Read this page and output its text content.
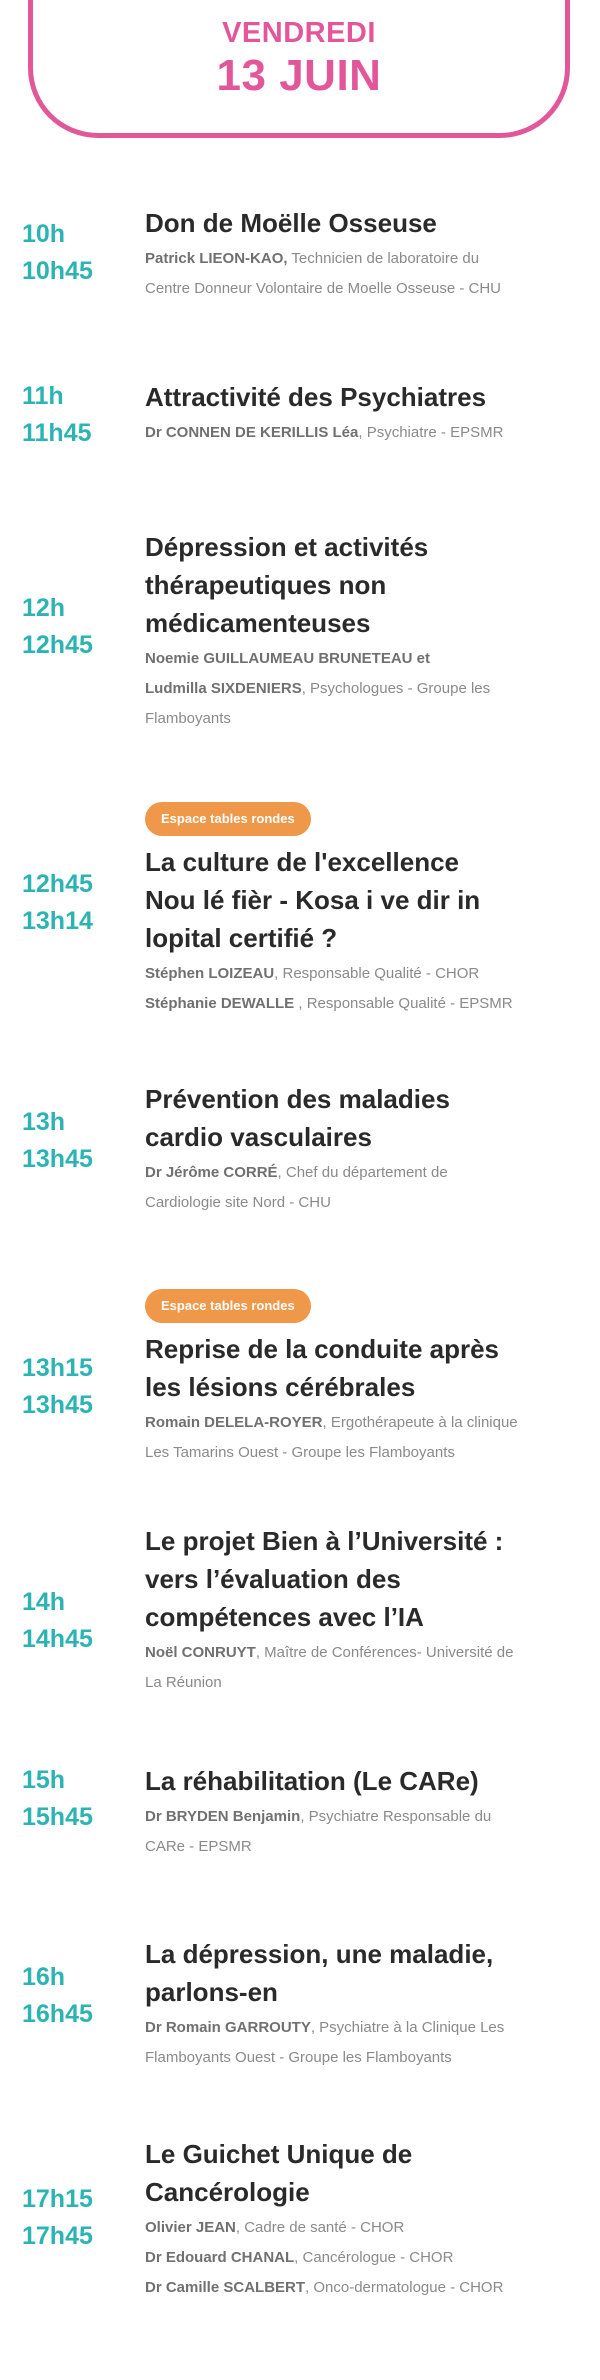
VENDREDI
13 JUIN
10h
10h45
Don de Moëlle Osseuse
Patrick LIEON-KAO, Technicien de laboratoire du
Centre Donneur Volontaire de Moelle Osseuse - CHU
11h
11h45
Attractivité des Psychiatres
Dr CONNEN DE KERILLIS Léa, Psychiatre - EPSMR
12h
12h45
Dépression et activités
thérapeutiques non
médicamenteuses
Noemie GUILLAUMEAU BRUNETEAU et
Ludmilla SIXDENIERS, Psychologues - Groupe les
Flamboyants
12h45
13h14
Espace tables rondes
La culture de l'excellence
Nou lé fièr - Kosa i ve dir in
lopital certifié ?
Stéphen LOIZEAU, Responsable Qualité - CHOR
Stéphanie DEWALLE , Responsable Qualité - EPSMR
13h
13h45
Prévention des maladies
cardio vasculaires
Dr Jérôme CORRÉ, Chef du département de
Cardiologie site Nord - CHU
13h15
13h45
Espace tables rondes
Reprise de la conduite après
les lésions cérébrales
Romain DELELA-ROYER, Ergothérapeute à la clinique
Les Tamarins Ouest - Groupe les Flamboyants
14h
14h45
Le projet Bien à l’Université :
vers l’évaluation des
compétences avec l’IA
Noël CONRUYT, Maître de Conférences- Université de
La Réunion
15h
15h45
La réhabilitation (Le CARe)
Dr BRYDEN Benjamin, Psychiatre Responsable du
CARe - EPSMR
16h
16h45
La dépression, une maladie,
parlons-en
Dr Romain GARROUTY, Psychiatre à la Clinique Les
Flamboyants Ouest - Groupe les Flamboyants
17h15
17h45
Le Guichet Unique de
Cancérologie
Olivier JEAN, Cadre de santé - CHOR
Dr Edouard CHANAL, Cancérologue - CHOR
Dr Camille SCALBERT, Onco-dermatologue - CHOR
